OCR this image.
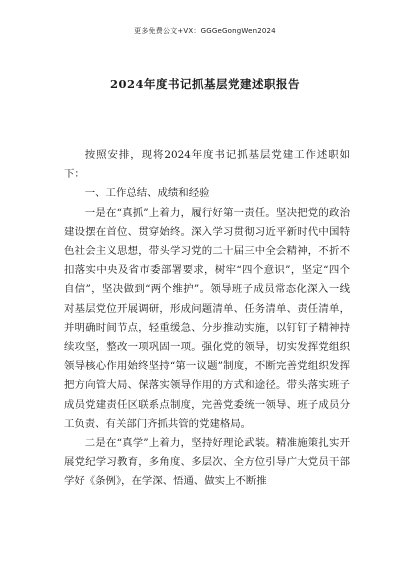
更多免费公文+VX：GGGeGongWen2024
2024年度书记抓基层党建述职报告

按照安排，现将2024年度书记抓基层党建工作述职如下：

一、工作总结、成绩和经验

一是在“真抓”上着力，履行好第一责任。坚决把党的政治建设摆在首位、贯穿始终。深入学习贯彻习近平新时代中国特色社会主义思想，带头学习党的二十届三中全会精神，不折不扣落实中央及省市委部署要求，树牢“四个意识”，坚定“四个自信”，坚决做到“两个维护”。领导班子成员常态化深入一线对基层党位开展调研，形成问题清单、任务清单、责任清单，并明确时间节点，轻重缓急、分步推动实施，以钉钉子精神持续攻坚，整改一项巩固一项。强化党的领导，切实发挥党组织领导核心作用始终坚持“第一议题”制度，不断完善党组织发挥把方向管大局、保落实领导作用的方式和途径。带头落实班子成员党建责任区联系点制度，完善党委统一领导、班子成员分工负责、有关部门齐抓共管的党建格局。

二是在“真学”上着力，坚持好理论武装。精准施策扎实开展党纪学习教育，多角度、多层次、全方位引导广大党员干部学好《条例》，在学深、悟通、做实上不断推
